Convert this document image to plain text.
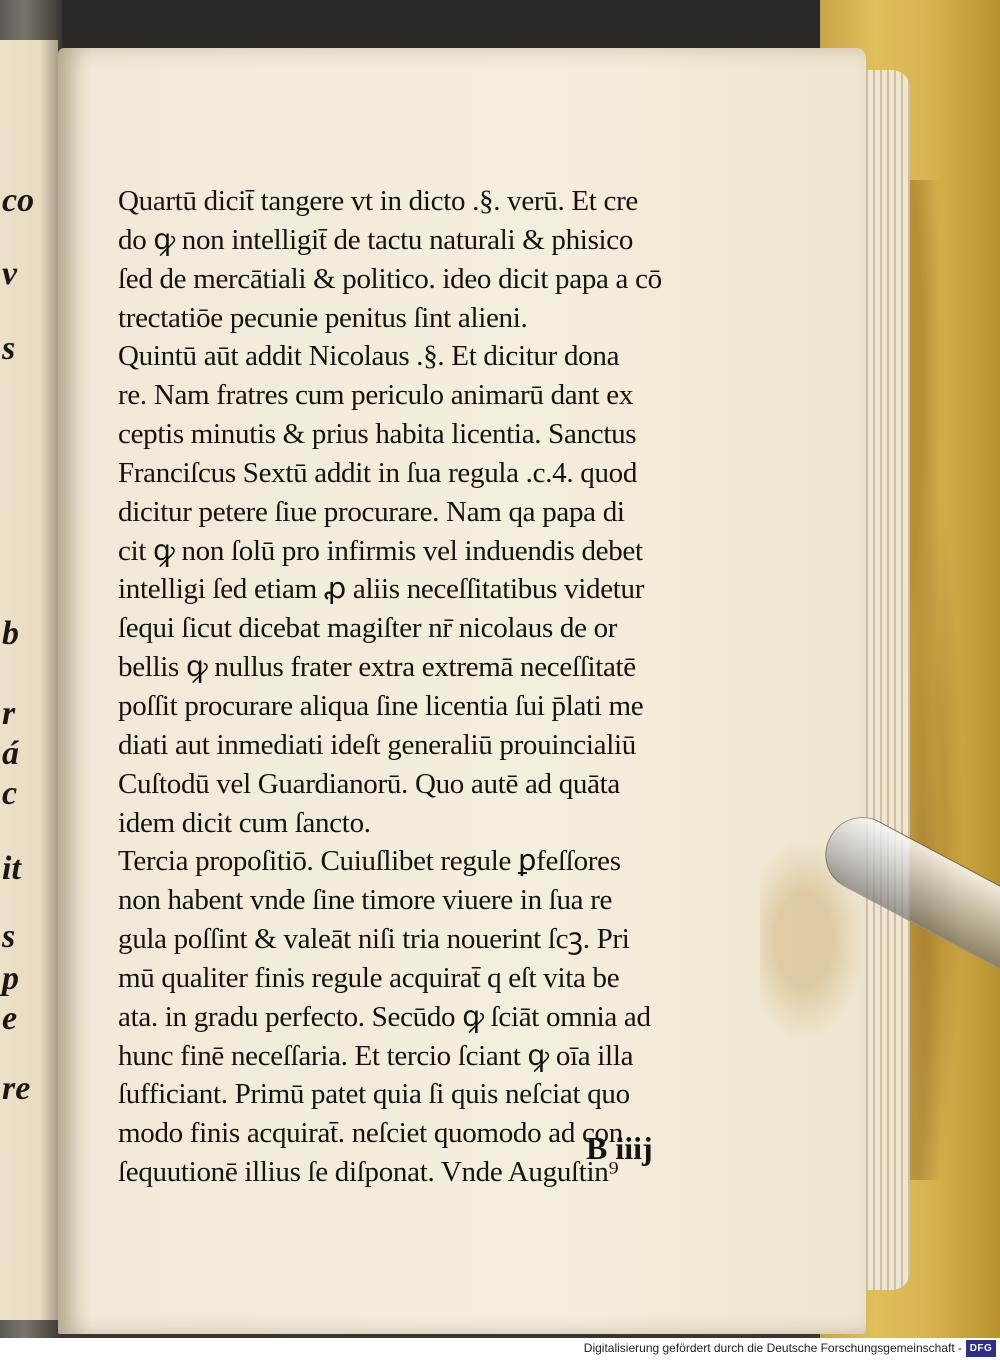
co
v
s
b
r
á
c
it
s
p
e
re
Quartū dicit̄ tangere vt in dicto .§. verū. Et cre
do ꝙ non intelligit̄ de tactu naturali & phisico
ſed de mercātiali & politico. ideo dicit papa a cō
trectatiōe pecunie penitus ſint alieni.
Quintū aūt addit Nicolaus .§. Et dicitur dona
re. Nam fratres cum periculo animarū dant ex
ceptis minutis & prius habita licentia. Sanctus
Franciſcus Sextū addit in ſua regula .c.4. quod
dicitur petere ſiue procurare. Nam qa papa di
cit ꝙ non ſolū pro infirmis vel induendis debet
intelligi ſed etiam ꝓ aliis neceſſitatibus videtur
ſequi ſicut dicebat magiſter nr̄ nicolaus de or
bellis ꝙ nullus frater extra extremā neceſſitatē
poſſit procurare aliqua ſine licentia ſui p̄lati me
diati aut inmediati ideſt generaliū prouincialiū
Cuſtodū vel Guardianorū. Quo autē ad quāta
idem dicit cum ſancto.
Tercia propoſitiō. Cuiuſlibet regule ꝑfeſſores
non habent vnde ſine timore viuere in ſua re
gula poſſint & valeāt niſi tria nouerint ſcꝫ. Pri
mū qualiter finis regule acquirat̄ q eſt vita be
ata. in gradu perfecto. Secūdo ꝙ ſciāt omnia ad
hunc finē neceſſaria. Et tercio ſciant ꝙ oīa illa
ſufficiant. Primū patet quia ſi quis neſciat quo
modo finis acquirat̄. neſciet quomodo ad con
ſequutionē illius ſe diſponat. Vnde Auguſtin⁹
B iiij
Digitalisierung gefördert durch die Deutsche Forschungsgemeinschaft - DFG
